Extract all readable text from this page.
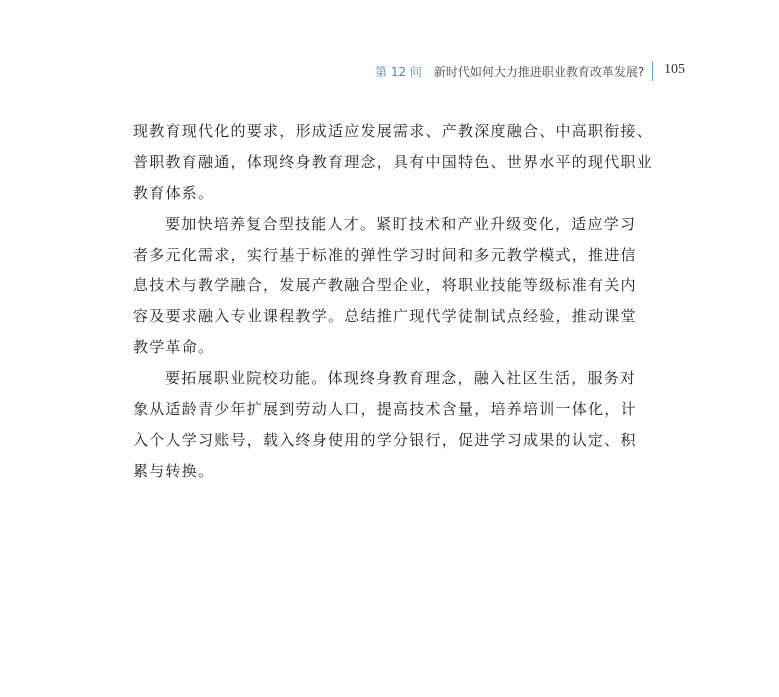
第 12 问 新时代如何大力推进职业教育改革发展? 105
现教育现代化的要求，形成适应发展需求、产教深度融合、中高职衔接、
普职教育融通，体现终身教育理念，具有中国特色、世界水平的现代职业
教育体系。
要加快培养复合型技能人才。紧盯技术和产业升级变化，适应学习
者多元化需求，实行基于标准的弹性学习时间和多元教学模式，推进信
息技术与教学融合，发展产教融合型企业，将职业技能等级标准有关内
容及要求融入专业课程教学。总结推广现代学徒制试点经验，推动课堂
教学革命。
要拓展职业院校功能。体现终身教育理念，融入社区生活，服务对
象从适龄青少年扩展到劳动人口，提高技术含量，培养培训一体化，计
入个人学习账号，载入终身使用的学分银行，促进学习成果的认定、积
累与转换。
